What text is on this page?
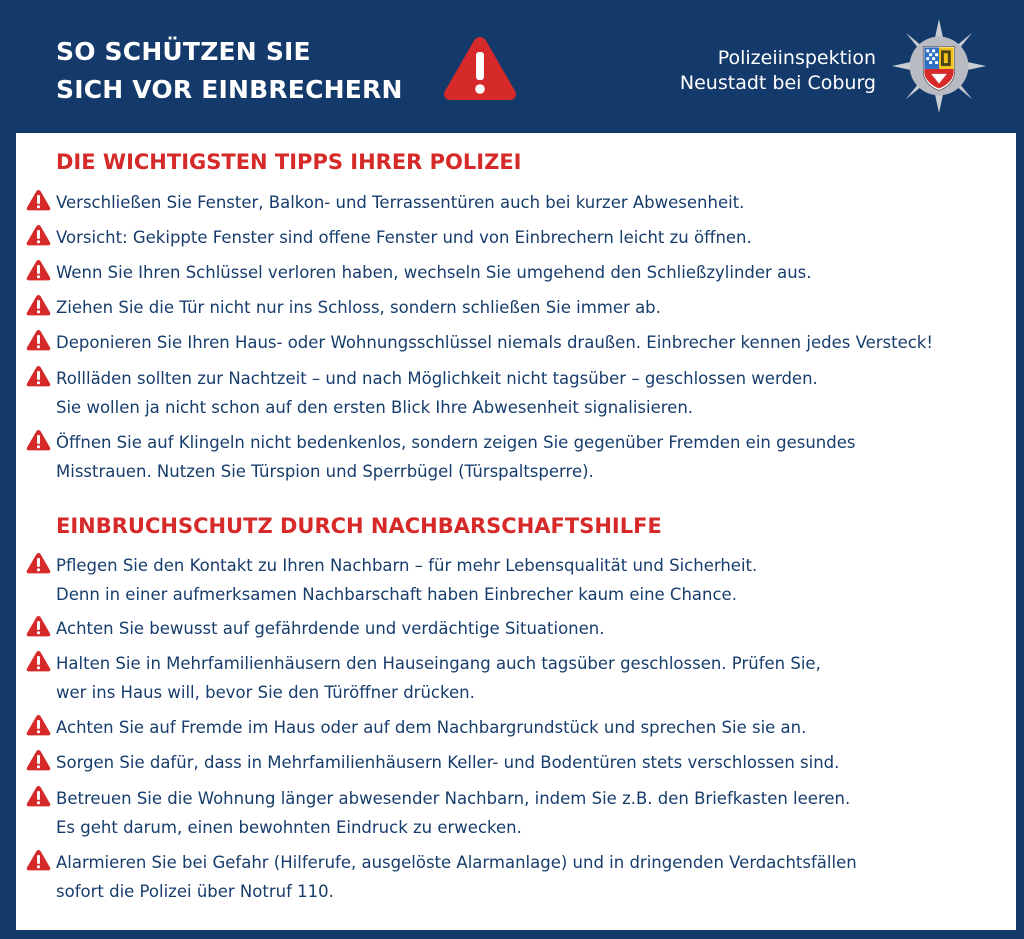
SO SCHÜTZEN SIE
SICH VOR EINBRECHERN
Polizeiinspektion
Neustadt bei Coburg
DIE WICHTIGSTEN TIPPS IHRER POLIZEI
Verschließen Sie Fenster, Balkon- und Terrassentüren auch bei kurzer Abwesenheit.
Vorsicht: Gekippte Fenster sind offene Fenster und von Einbrechern leicht zu öffnen.
Wenn Sie Ihren Schlüssel verloren haben, wechseln Sie umgehend den Schließzylinder aus.
Ziehen Sie die Tür nicht nur ins Schloss, sondern schließen Sie immer ab.
Deponieren Sie Ihren Haus- oder Wohnungsschlüssel niemals draußen. Einbrecher kennen jedes Versteck!
Rollläden sollten zur Nachtzeit – und nach Möglichkeit nicht tagsüber – geschlossen werden.
Sie wollen ja nicht schon auf den ersten Blick Ihre Abwesenheit signalisieren.
Öffnen Sie auf Klingeln nicht bedenkenlos, sondern zeigen Sie gegenüber Fremden ein gesundes
Misstrauen. Nutzen Sie Türspion und Sperrbügel (Türspaltsperre).
EINBRUCHSCHUTZ DURCH NACHBARSCHAFTSHILFE
Pflegen Sie den Kontakt zu Ihren Nachbarn – für mehr Lebensqualität und Sicherheit.
Denn in einer aufmerksamen Nachbarschaft haben Einbrecher kaum eine Chance.
Achten Sie bewusst auf gefährdende und verdächtige Situationen.
Halten Sie in Mehrfamilienhäusern den Hauseingang auch tagsüber geschlossen. Prüfen Sie,
wer ins Haus will, bevor Sie den Türöffner drücken.
Achten Sie auf Fremde im Haus oder auf dem Nachbargrundstück und sprechen Sie sie an.
Sorgen Sie dafür, dass in Mehrfamilienhäusern Keller- und Bodentüren stets verschlossen sind.
Betreuen Sie die Wohnung länger abwesender Nachbarn, indem Sie z.B. den Briefkasten leeren.
Es geht darum, einen bewohnten Eindruck zu erwecken.
Alarmieren Sie bei Gefahr (Hilferufe, ausgelöste Alarmanlage) und in dringenden Verdachtsfällen
sofort die Polizei über Notruf 110.
